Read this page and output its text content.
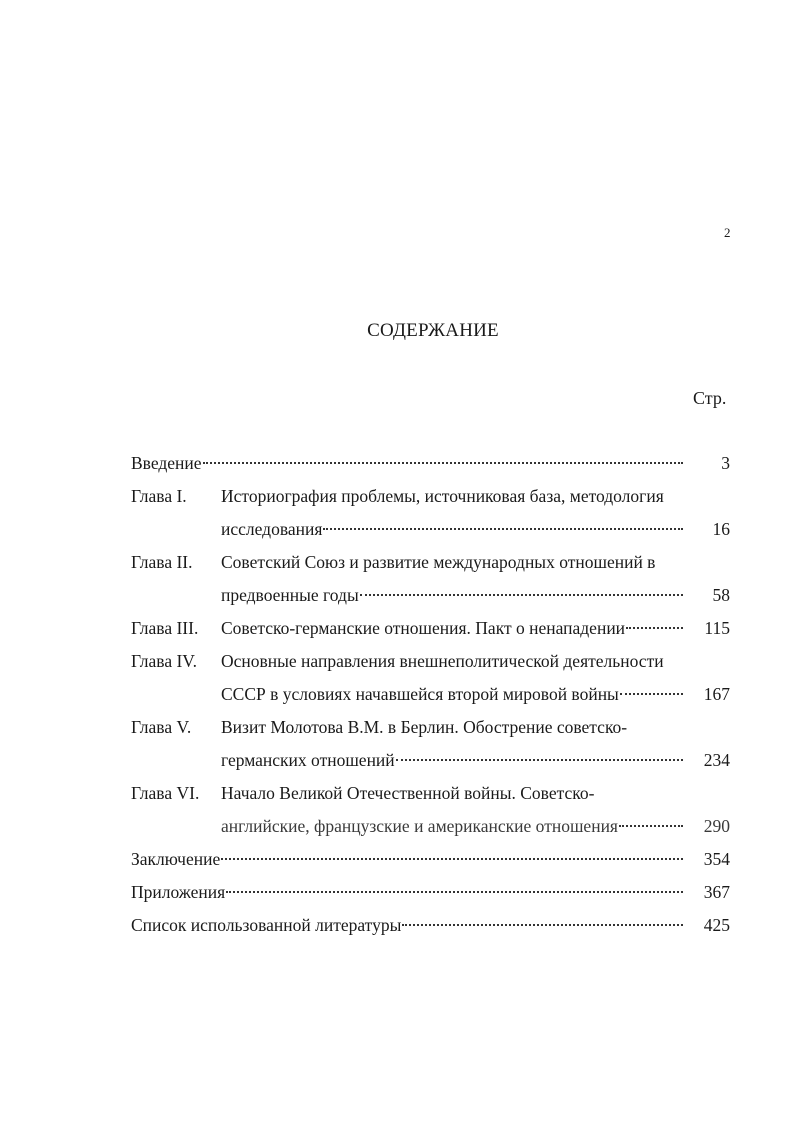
2
СОДЕРЖАНИЕ
Стр.
Введение	3
Глава I.	Историография проблемы, источниковая база, методология
исследования	16
Глава II.	Советский Союз и развитие международных отношений в
предвоенные годы	58
Глава III.	Советско-германские отношения. Пакт о ненападении	115
Глава IV.	Основные направления внешнеполитической деятельности
СССР в условиях начавшейся второй мировой войны	167
Глава V.	Визит Молотова В.М. в Берлин. Обострение советско-
германских отношений	234
Глава VI.	Начало Великой Отечественной войны. Советско-
английские, французские и американские отношения	290
Заключение	354
Приложения	367
Список использованной литературы	425
